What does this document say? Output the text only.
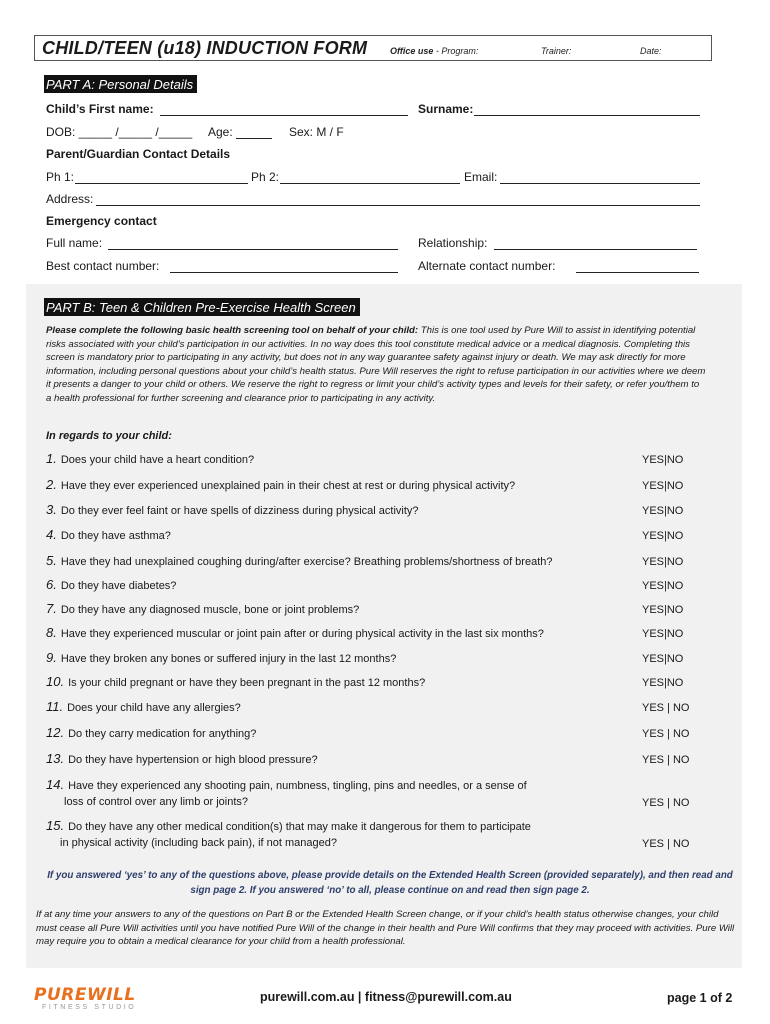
CHILD/TEEN (u18) INDUCTION FORM	Office use - Program:	Trainer:	Date:
PART A: Personal Details
Child’s First name:	Surname:
DOB: _____ /_____ /_____ Age:	Sex: M / F
Parent/Guardian Contact Details
Ph 1:	Ph 2:	Email:
Address:
Emergency contact
Full name:	Relationship:
Best contact number:	Alternate contact number:
PART B: Teen & Children Pre-Exercise Health Screen
Please complete the following basic health screening tool on behalf of your child: This is one tool used by Pure Will to assist in identifying potential risks associated with your child’s participation in our activities. In no way does this tool constitute medical advice or a medical diagnosis. Completing this screen is mandatory prior to participating in any activity, but does not in any way guarantee safety against injury or death. We may ask directly for more information, including personal questions about your child’s health status. Pure Will reserves the right to refuse participation in our activities where we deem it presents a danger to your child or others. We reserve the right to regress or limit your child’s activity types and levels for their safety, or refer you/them to a health professional for further screening and clearance prior to participating in any activity.
In regards to your child:
1. Does your child have a heart condition?	YES|NO
2. Have they ever experienced unexplained pain in their chest at rest or during physical activity?	YES|NO
3. Do they ever feel faint or have spells of dizziness during physical activity?	YES|NO
4. Do they have asthma?	YES|NO
5. Have they had unexplained coughing during/after exercise? Breathing problems/shortness of breath?	YES|NO
6. Do they have diabetes?	YES|NO
7. Do they have any diagnosed muscle, bone or joint problems?	YES|NO
8. Have they experienced muscular or joint pain after or during physical activity in the last six months?	YES|NO
9. Have they broken any bones or suffered injury in the last 12 months?	YES|NO
10. Is your child pregnant or have they been pregnant in the past 12 months?	YES|NO
11. Does your child have any allergies?	YES | NO
12. Do they carry medication for anything?	YES | NO
13. Do they have hypertension or high blood pressure?	YES | NO
14. Have they experienced any shooting pain, numbness, tingling, pins and needles, or a sense of
loss of control over any limb or joints?	YES | NO
15. Do they have any other medical condition(s) that may make it dangerous for them to participate
in physical activity (including back pain), if not managed?	YES | NO
If you answered ‘yes’ to any of the questions above, please provide details on the Extended Health Screen (provided separately), and then read and sign page 2. If you answered ‘no’ to all, please continue on and read then sign page 2.
If at any time your answers to any of the questions on Part B or the Extended Health Screen change, or if your child’s health status otherwise changes, your child must cease all Pure Will activities until you have notified Pure Will of the change in their health and Pure Will confirms that they may proceed with activities. Pure Will may require you to obtain a medical clearance for your child from a health professional.
PUREWILL
FITNESS STUDIO
purewill.com.au | fitness@purewill.com.au	page 1 of 2
